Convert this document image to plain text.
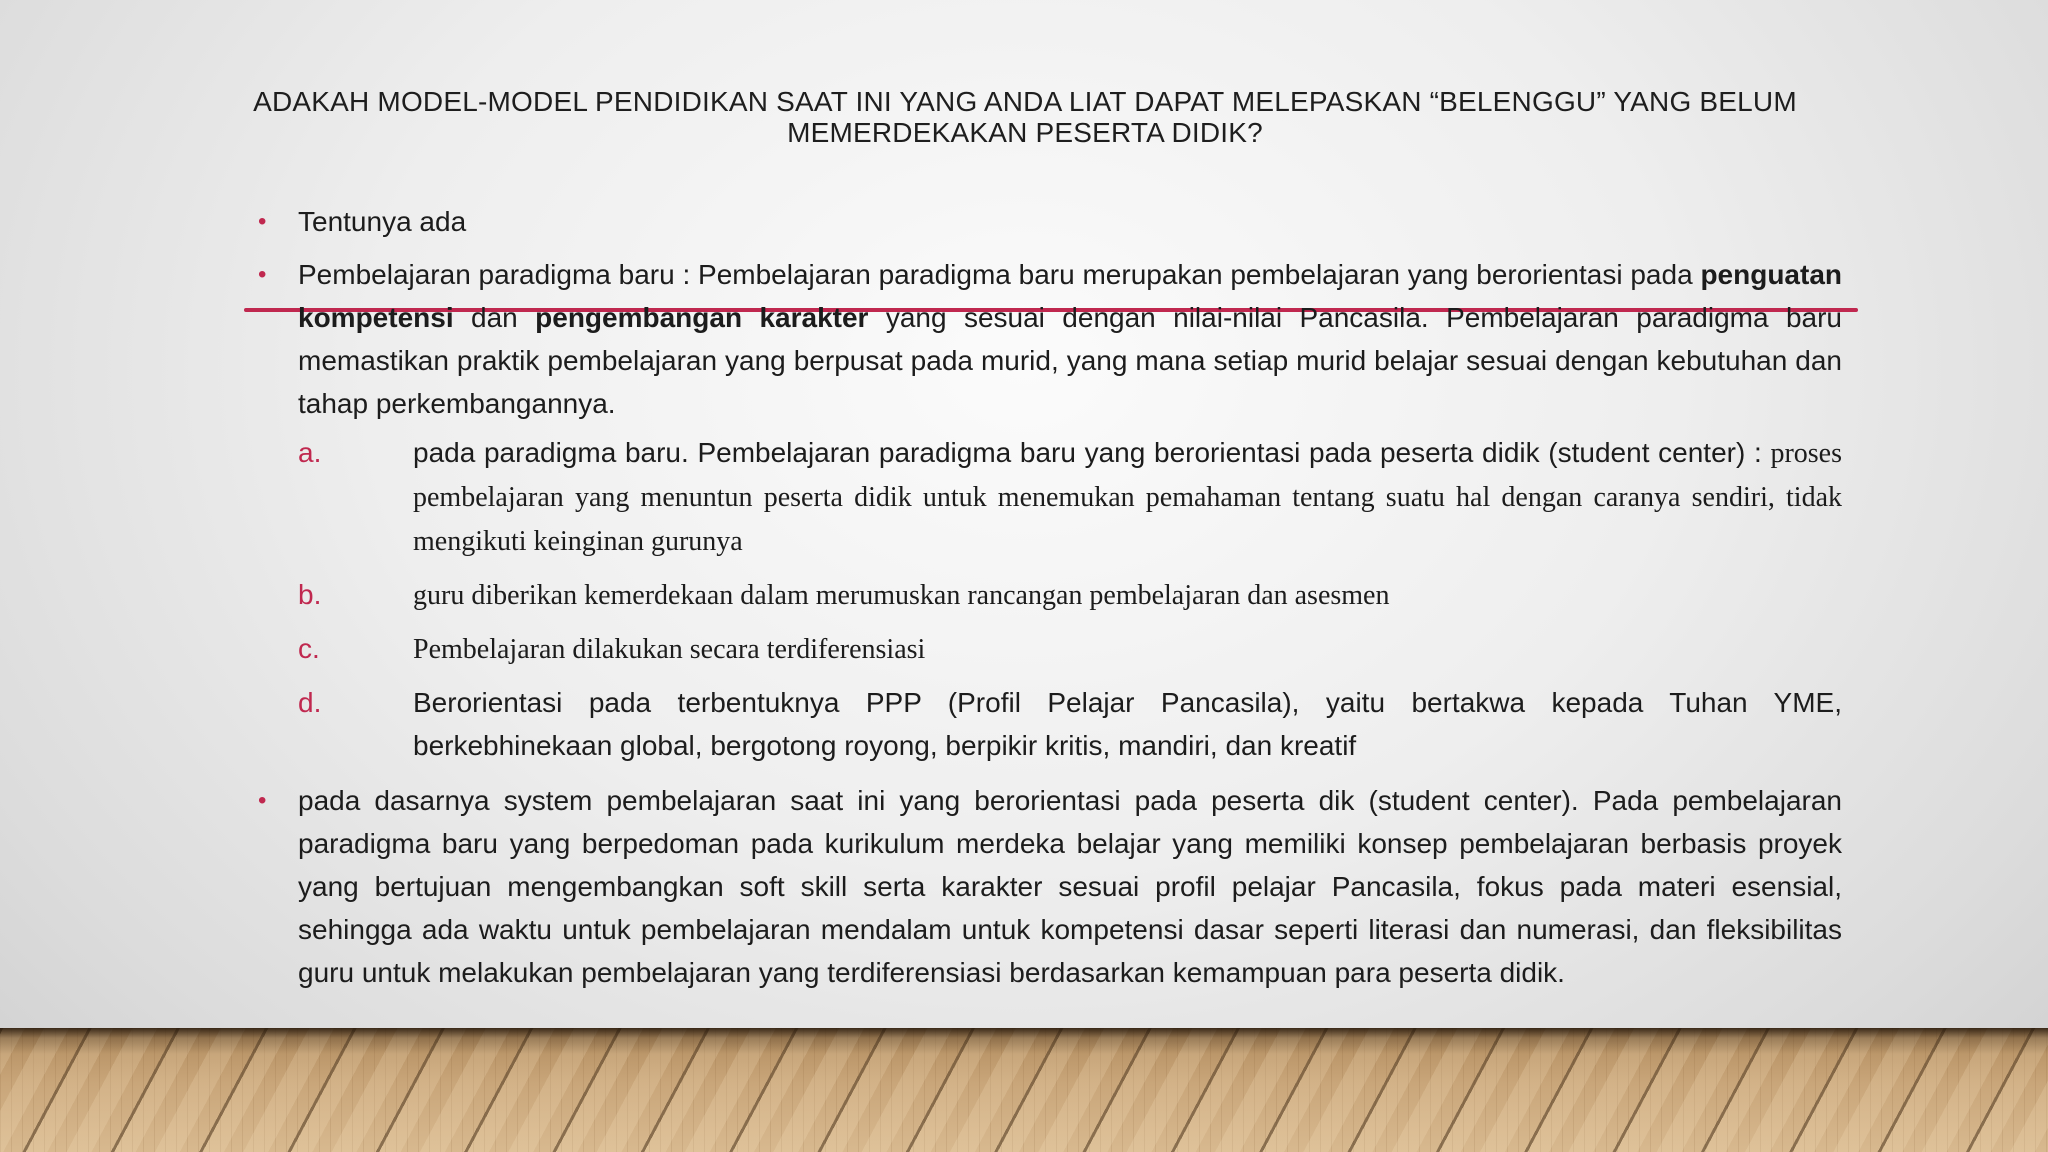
ADAKAH MODEL-MODEL PENDIDIKAN SAAT INI YANG ANDA LIAT DAPAT MELEPASKAN “BELENGGU” YANG BELUM MEMERDEKAKAN PESERTA DIDIK?
• Tentunya ada
• Pembelajaran paradigma baru : Pembelajaran paradigma baru merupakan pembelajaran yang berorientasi pada penguatan kompetensi dan pengembangan karakter yang sesuai dengan nilai-nilai Pancasila. Pembelajaran paradigma baru memastikan praktik pembelajaran yang berpusat pada murid, yang mana setiap murid belajar sesuai dengan kebutuhan dan tahap perkembangannya.
a.	pada paradigma baru. Pembelajaran paradigma baru yang berorientasi pada peserta didik (student center) : proses pembelajaran yang menuntun peserta didik untuk menemukan pemahaman tentang suatu hal dengan caranya sendiri, tidak mengikuti keinginan gurunya
b.	guru diberikan kemerdekaan dalam merumuskan rancangan pembelajaran dan asesmen
c.	Pembelajaran dilakukan secara terdiferensiasi
d.	Berorientasi pada terbentuknya PPP (Profil Pelajar Pancasila), yaitu bertakwa kepada Tuhan YME, berkebhinekaan global, bergotong royong, berpikir kritis, mandiri, dan kreatif
• pada dasarnya system pembelajaran saat ini yang berorientasi pada peserta dik (student center). Pada pembelajaran paradigma baru yang berpedoman pada kurikulum merdeka belajar yang memiliki konsep pembelajaran berbasis proyek yang bertujuan mengembangkan soft skill serta karakter sesuai profil pelajar Pancasila, fokus pada materi esensial, sehingga ada waktu untuk pembelajaran mendalam untuk kompetensi dasar seperti literasi dan numerasi, dan fleksibilitas guru untuk melakukan pembelajaran yang terdiferensiasi berdasarkan kemampuan para peserta didik.
